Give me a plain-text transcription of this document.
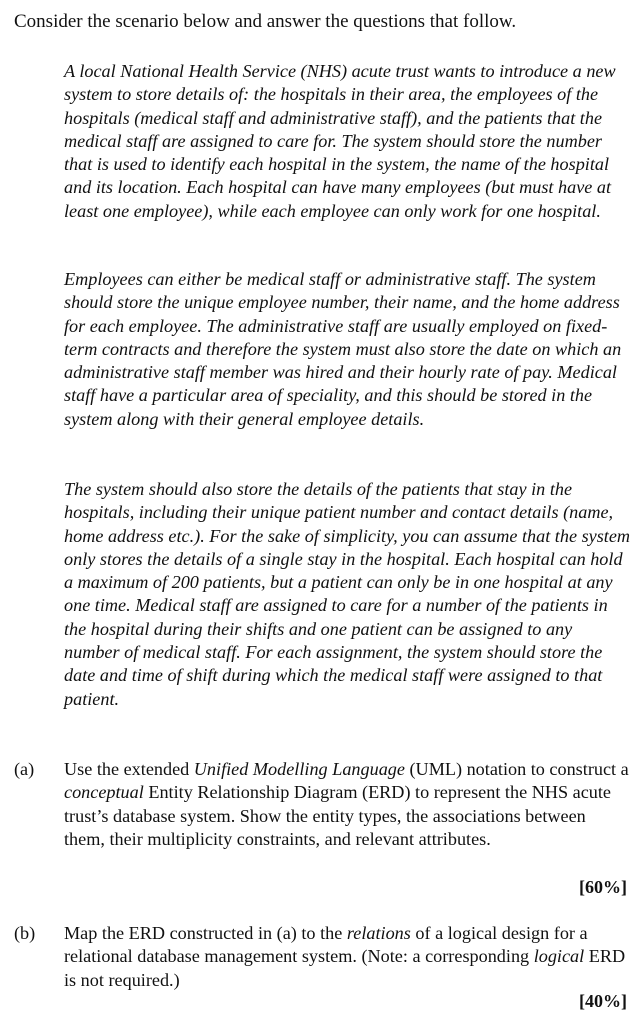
Consider the scenario below and answer the questions that follow.

A local National Health Service (NHS) acute trust wants to introduce a new system to store details of: the hospitals in their area, the employees of the hospitals (medical staff and administrative staff), and the patients that the medical staff are assigned to care for. The system should store the number that is used to identify each hospital in the system, the name of the hospital and its location. Each hospital can have many employees (but must have at least one employee), while each employee can only work for one hospital.

Employees can either be medical staff or administrative staff. The system should store the unique employee number, their name, and the home address for each employee. The administrative staff are usually employed on fixed-term contracts and therefore the system must also store the date on which an administrative staff member was hired and their hourly rate of pay. Medical staff have a particular area of speciality, and this should be stored in the system along with their general employee details.

The system should also store the details of the patients that stay in the hospitals, including their unique patient number and contact details (name, home address etc.). For the sake of simplicity, you can assume that the system only stores the details of a single stay in the hospital. Each hospital can hold a maximum of 200 patients, but a patient can only be in one hospital at any one time. Medical staff are assigned to care for a number of the patients in the hospital during their shifts and one patient can be assigned to any number of medical staff. For each assignment, the system should store the date and time of shift during which the medical staff were assigned to that patient.

(a) Use the extended Unified Modelling Language (UML) notation to construct a conceptual Entity Relationship Diagram (ERD) to represent the NHS acute trust’s database system. Show the entity types, the associations between them, their multiplicity constraints, and relevant attributes.
[60%]
(b) Map the ERD constructed in (a) to the relations of a logical design for a relational database management system. (Note: a corresponding logical ERD is not required.)
[40%]
